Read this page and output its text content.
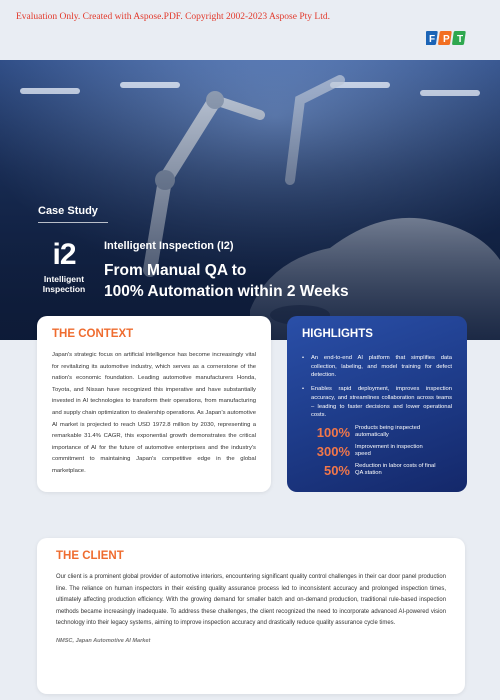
Evaluation Only. Created with Aspose.PDF. Copyright 2002-2023 Aspose Pty Ltd.
F P T
Case Study
i2
Intelligent
Inspection
Intelligent Inspection (I2)
From Manual QA to
100% Automation within 2 Weeks
THE CONTEXT
Japan's strategic focus on artificial intelligence has become increasingly vital for revitalizing its automotive industry, which serves as a cornerstone of the nation's economic foundation. Leading automotive manufacturers Honda, Toyota, and Nissan have recognized this imperative and have substantially invested in AI technologies to transform their operations, from manufacturing and supply chain optimization to dealership operations. As Japan's automotive AI market is projected to reach USD 1972.8 million by 2030, representing a remarkable 31.4% CAGR, this exponential growth demonstrates the critical importance of AI for the future of automotive enterprises and the industry's commitment to maintaining Japan's competitive edge in the global marketplace.
HIGHLIGHTS
• An end-to-end AI platform that simplifies data collection, labeling, and model training for defect detection.
• Enables rapid deployment, improves inspection accuracy, and streamlines collaboration across teams – leading to faster decisions and lower operational costs.
100% Products being inspected automatically
300% Improvement in inspection speed
50% Reduction in labor costs of final QA station
THE CLIENT
Our client is a prominent global provider of automotive interiors, encountering significant quality control challenges in their car door panel production line. The reliance on human inspectors in their existing quality assurance process led to inconsistent accuracy and prolonged inspection times, ultimately affecting production efficiency. With the growing demand for smaller batch and on-demand production, traditional rule-based inspection methods became increasingly inadequate. To address these challenges, the client recognized the need to incorporate advanced AI-powered vision technology into their legacy systems, aiming to improve inspection accuracy and drastically reduce quality assurance cycle times.
NMSC, Japan Automotive AI Market
